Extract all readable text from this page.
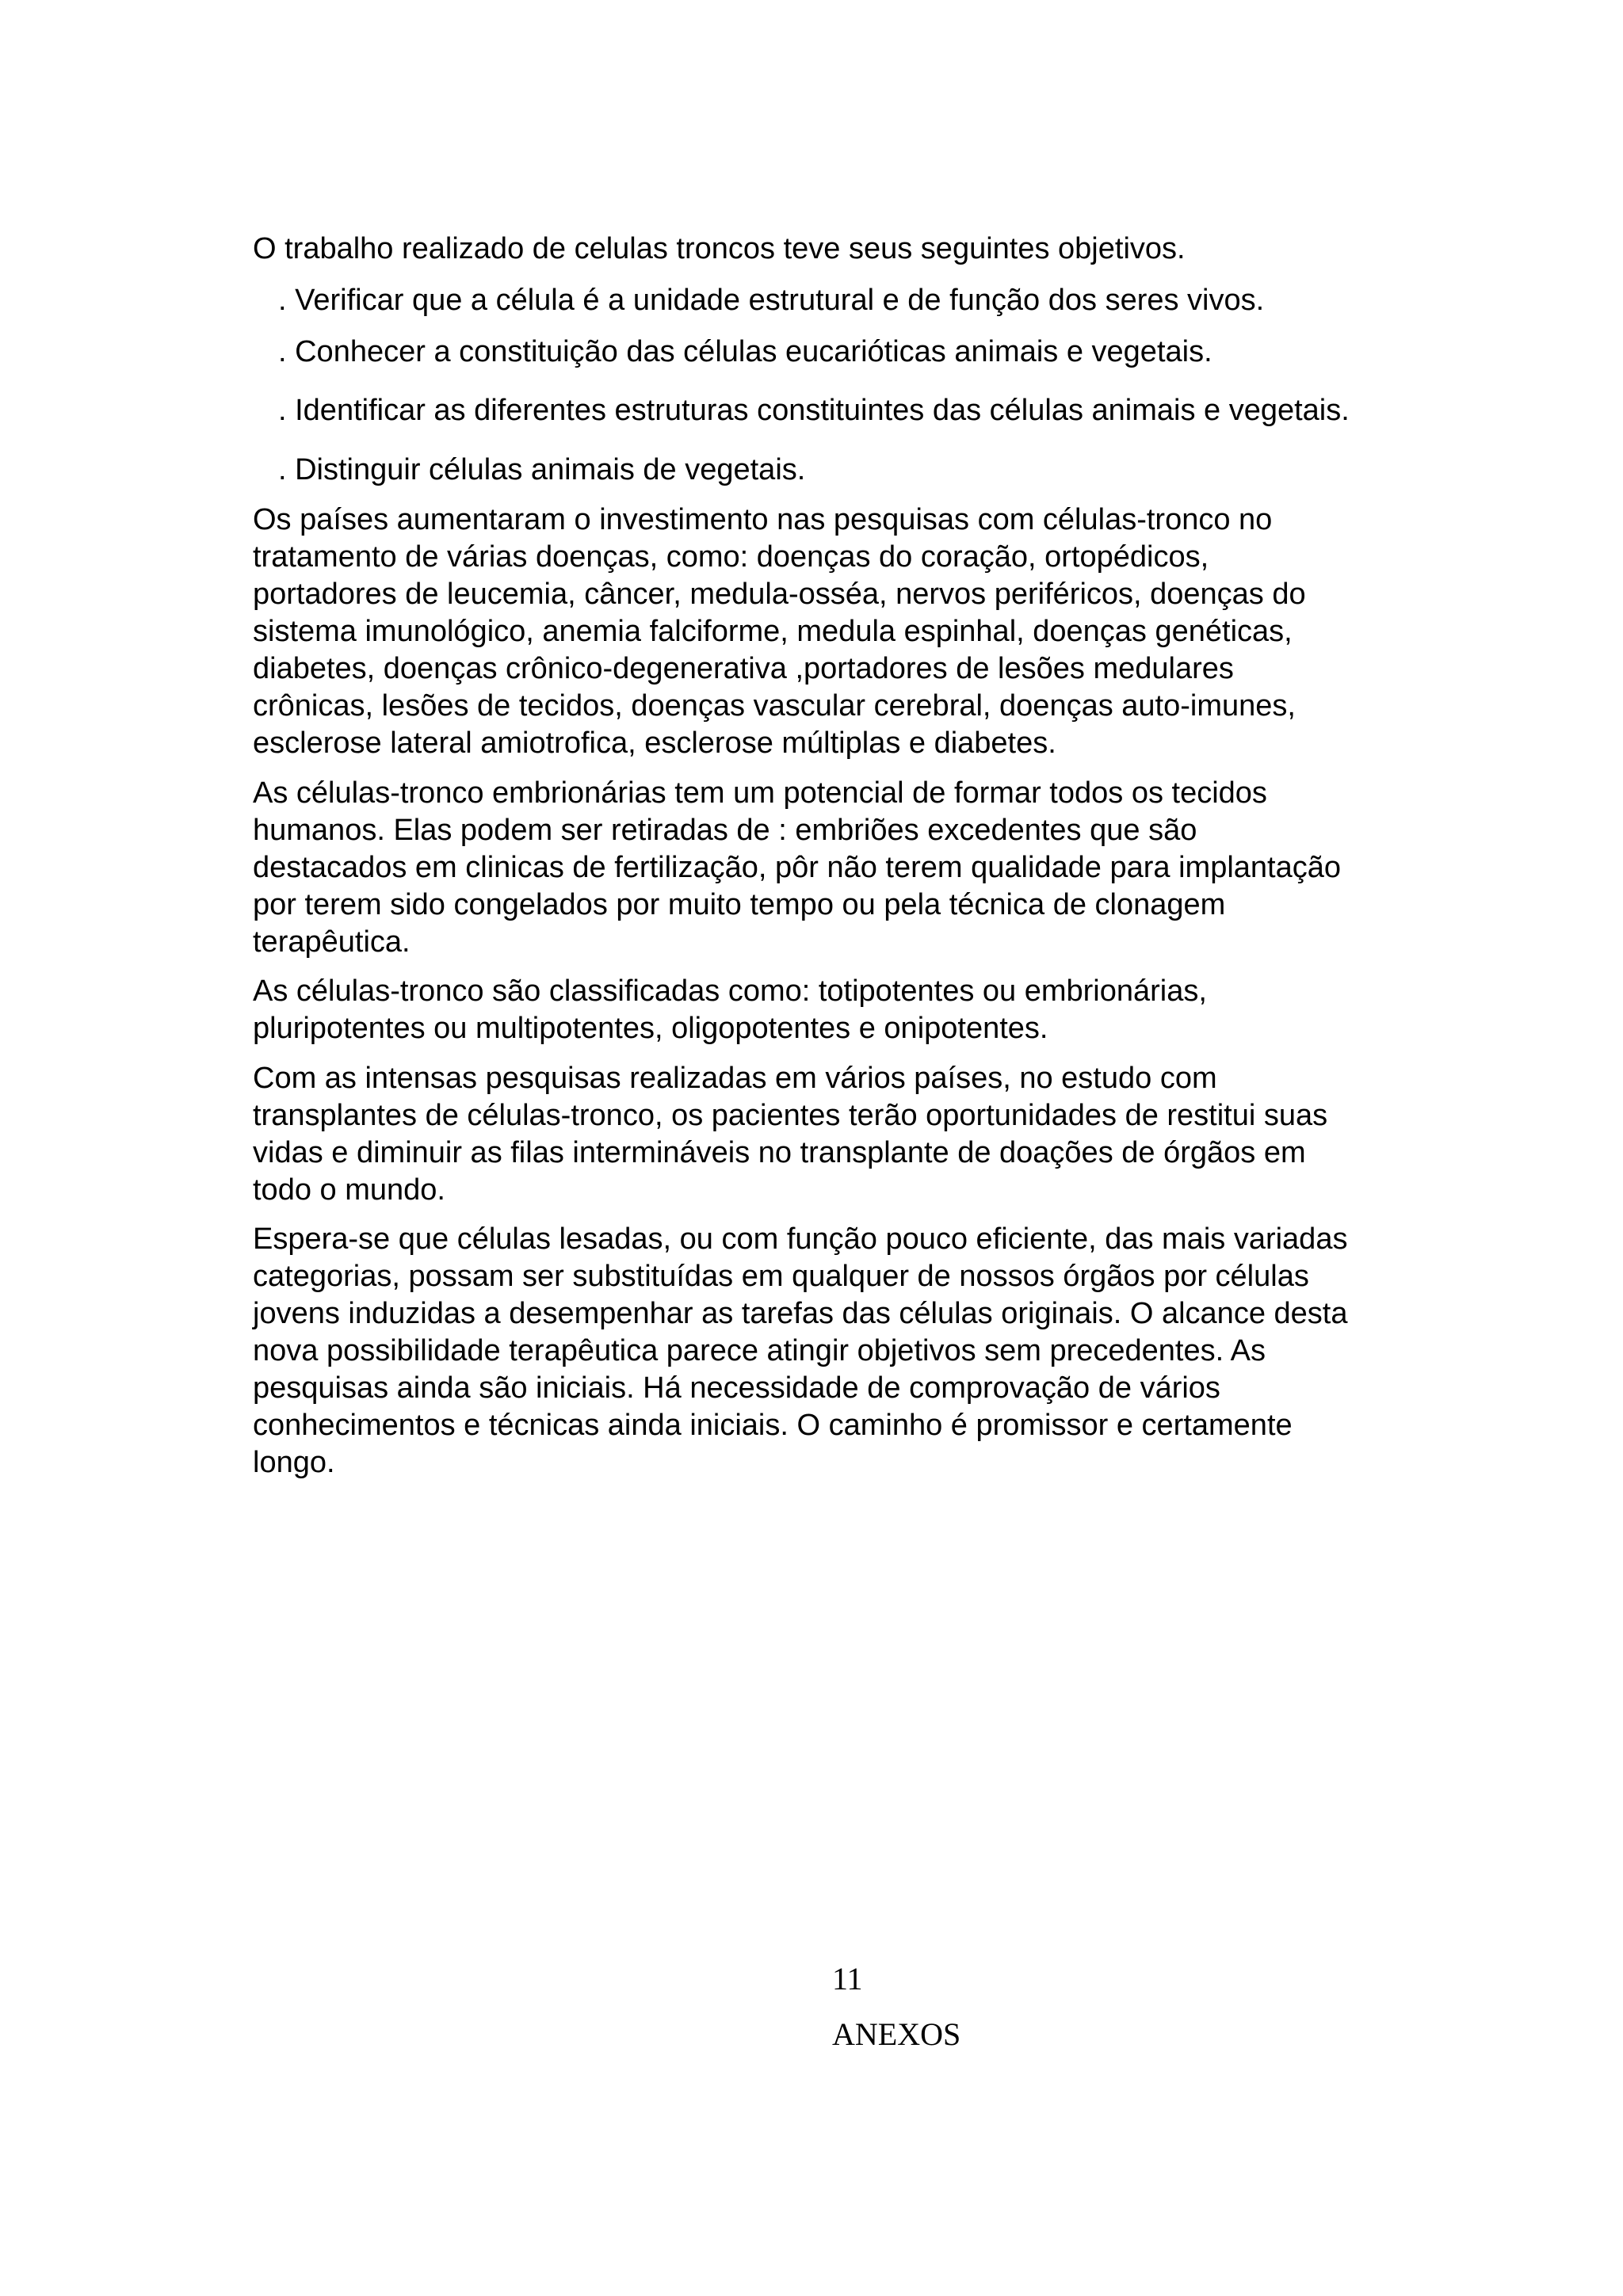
O trabalho realizado de celulas troncos teve seus seguintes objetivos.

. Verificar que a célula é a unidade estrutural e de função dos seres vivos.

. Conhecer a constituição das células eucarióticas animais e vegetais.

. Identificar as diferentes estruturas constituintes das células animais e vegetais.

. Distinguir células animais de vegetais.

Os países aumentaram o investimento nas pesquisas com células-tronco no

tratamento de várias doenças, como: doenças do coração, ortopédicos,

portadores de leucemia, câncer, medula-osséa, nervos periféricos, doenças do

sistema imunológico, anemia falciforme, medula espinhal, doenças genéticas,

diabetes, doenças crônico-degenerativa ,portadores de lesões medulares

crônicas, lesões de tecidos, doenças vascular cerebral, doenças auto-imunes,

esclerose lateral amiotrofica, esclerose múltiplas e diabetes.

As células-tronco embrionárias tem um potencial de formar todos os tecidos

humanos. Elas podem ser retiradas de : embriões excedentes que são

destacados em clinicas de fertilização, pôr não terem qualidade para implantação

por terem sido congelados por muito tempo ou pela técnica de clonagem

terapêutica.

As células-tronco são classificadas como: totipotentes ou embrionárias,

pluripotentes ou multipotentes, oligopotentes e onipotentes.

Com as intensas pesquisas realizadas em vários países, no estudo com

transplantes de células-tronco, os pacientes terão oportunidades de restitui suas

vidas e diminuir as filas intermináveis no transplante de doações de órgãos em

todo o mundo.

Espera-se que células lesadas, ou com função pouco eficiente, das mais variadas

categorias, possam ser substituídas em qualquer de nossos órgãos por células

jovens induzidas a desempenhar as tarefas das células originais. O alcance desta

nova possibilidade terapêutica parece atingir objetivos sem precedentes. As

pesquisas ainda são iniciais. Há necessidade de comprovação de vários

conhecimentos e técnicas ainda iniciais. O caminho é promissor e certamente

longo.

11
ANEXOS
